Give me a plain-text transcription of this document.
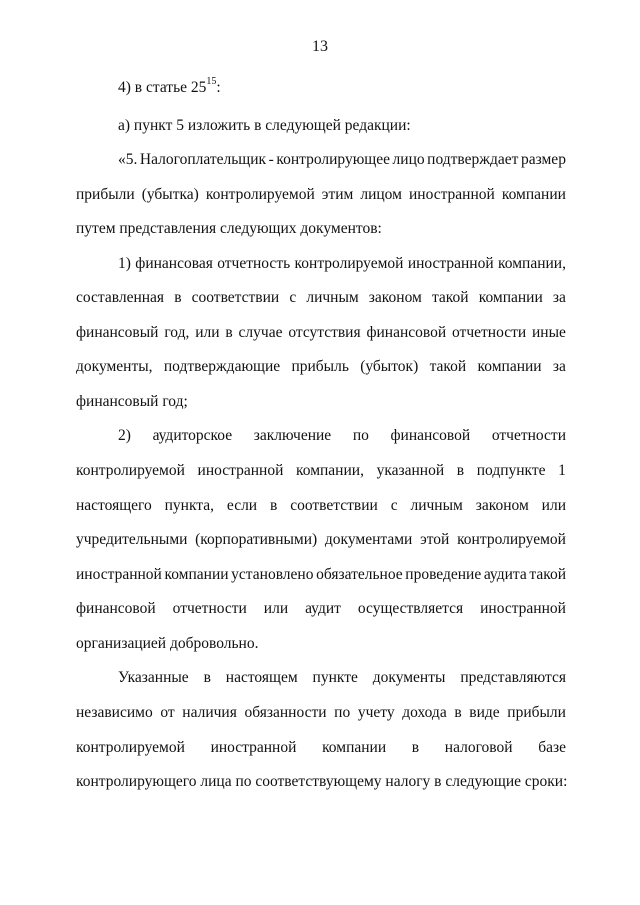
13
4) в статье $25^{15}$:
а) пункт 5 изложить в следующей редакции:
«5. Налогоплательщик - контролирующее лицо подтверждает размер
прибыли (убытка) контролируемой этим лицом иностранной компании
путем представления следующих документов:
1) финансовая отчетность контролируемой иностранной компании,
составленная в соответствии с личным законом такой компании за
финансовый год, или в случае отсутствия финансовой отчетности иные
документы, подтверждающие прибыль (убыток) такой компании за
финансовый год;
2) аудиторское заключение по финансовой отчетности
контролируемой иностранной компании, указанной в подпункте 1
настоящего пункта, если в соответствии с личным законом или
учредительными (корпоративными) документами этой контролируемой
иностранной компании установлено обязательное проведение аудита такой
финансовой отчетности или аудит осуществляется иностранной
организацией добровольно.
Указанные в настоящем пункте документы представляются
независимо от наличия обязанности по учету дохода в виде прибыли
контролируемой иностранной компании в налоговой базе
контролирующего лица по соответствующему налогу в следующие сроки:
